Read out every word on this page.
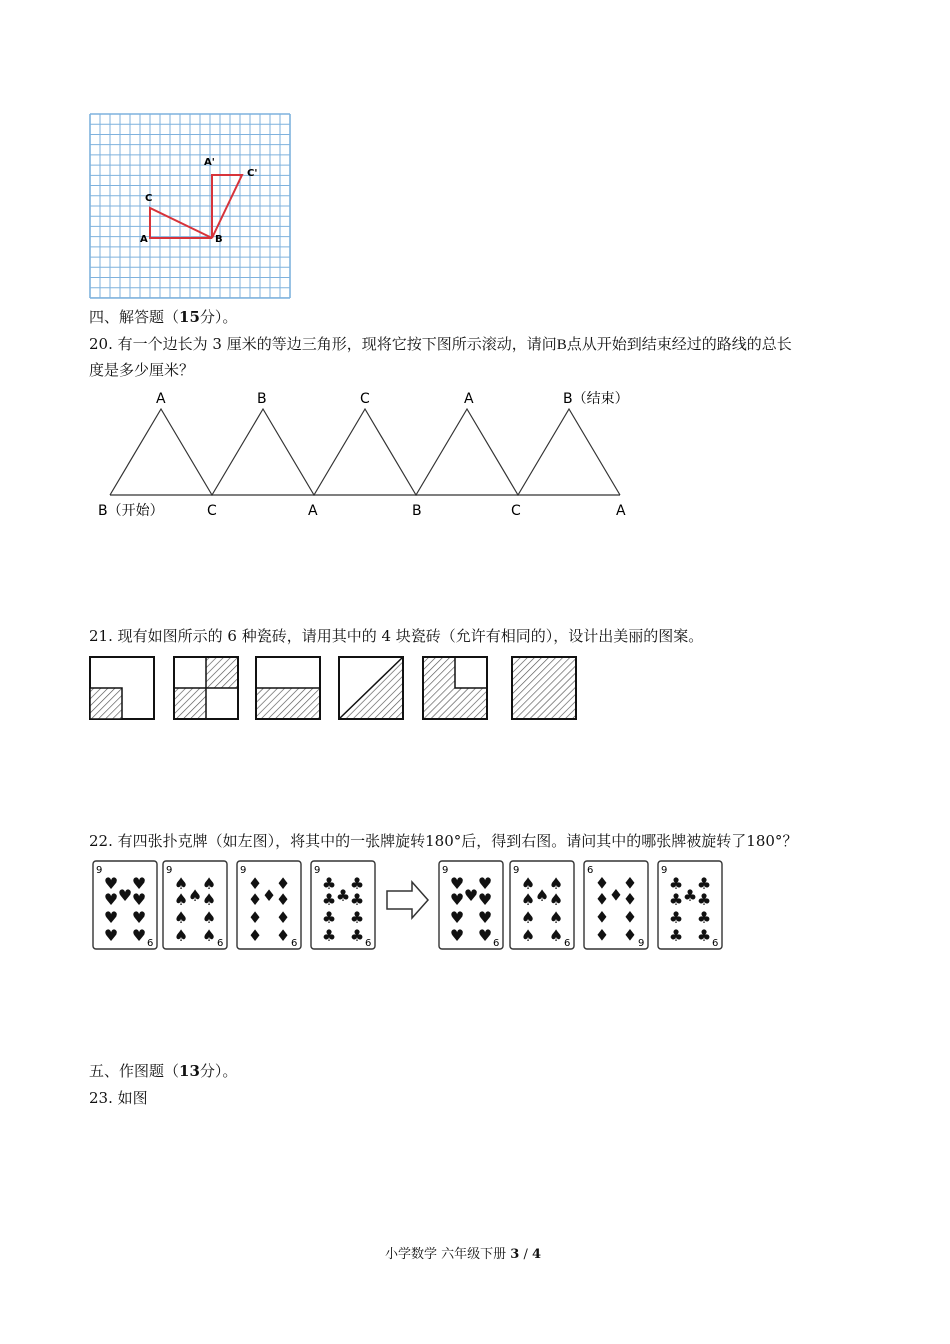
A	B
C
A'
C'
四、解答题（15分）。
20. 有一个边长为 3 厘米的等边三角形，现将它按下图所示滚动，请问B点从开始到结束经过的路线的总长
度是多少厘米？
A	B	C	A	B（结束）
B（开始）	C	A	B	C	A
21. 现有如图所示的 6 种瓷砖，请用其中的 4 块瓷砖（允许有相同的），设计出美丽的图案。
22. 有四张扑克牌（如左图），将其中的一张牌旋转180°后，得到右图。请问其中的哪张牌被旋转了180°？
9
6
♥ ♥
♥ ♥ ♥
♥ ♥
♥ ♥
9
6
♠ ♠
♠ ♠ ♠
♠ ♠
♠ ♠
9
6
♦ ♦
♦ ♦ ♦
♦ ♦
♦ ♦
9
6
♣ ♣
♣ ♣ ♣
♣ ♣
♣ ♣
9
6
♥ ♥
♥ ♥ ♥
♥ ♥
♥ ♥
9
6
♠ ♠
♠ ♠ ♠
♠ ♠
♠ ♠
6
9
♦ ♦
♦ ♦ ♦
♦ ♦
♦ ♦
9
6
♣ ♣
♣ ♣ ♣
♣ ♣
♣ ♣
五、作图题（13分）。
23. 如图
小学数学 六年级下册 3 / 4
